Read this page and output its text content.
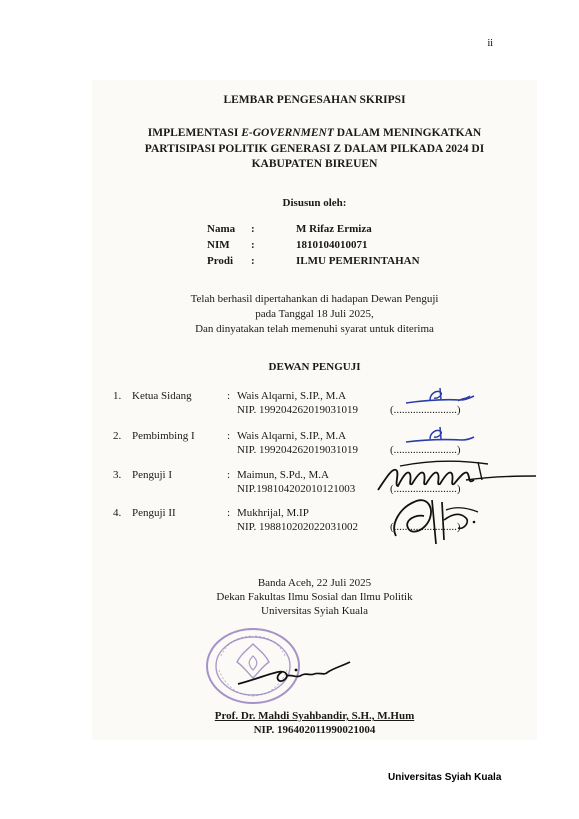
ii
LEMBAR PENGESAHAN SKRIPSI
IMPLEMENTASI E-GOVERNMENT DALAM MENINGKATKAN
PARTISIPASI POLITIK GENERASI Z DALAM PILKADA 2024 DI
KABUPATEN BIREUEN
Disusun oleh:
Nama :	M Rifaz Ermiza
NIM :	1810104010071
Prodi :	ILMU PEMERINTAHAN
Telah berhasil dipertahankan di hadapan Dewan Penguji
pada Tanggal 18 Juli 2025,
Dan dinyatakan telah memenuhi syarat untuk diterima
DEWAN PENGUJI
1. Ketua Sidang	: Wais Alqarni, S.IP., M.A
NIP. 199204262019031019	(.......................)
2. Pembimbing I	: Wais Alqarni, S.IP., M.A
NIP. 199204262019031019	(.......................)
3. Penguji I	: Maimun, S.Pd., M.A
NIP.198104202010121003	(.......................)
4. Penguji II	: Mukhrijal, M.IP
NIP. 198810202022031002	(.......................)
Banda Aceh, 22 Juli 2025
Dekan Fakultas Ilmu Sosial dan Ilmu Politik
Universitas Syiah Kuala
Prof. Dr. Mahdi Syahbandir, S.H., M.Hum
NIP. 196402011990021004
Universitas Syiah Kuala
